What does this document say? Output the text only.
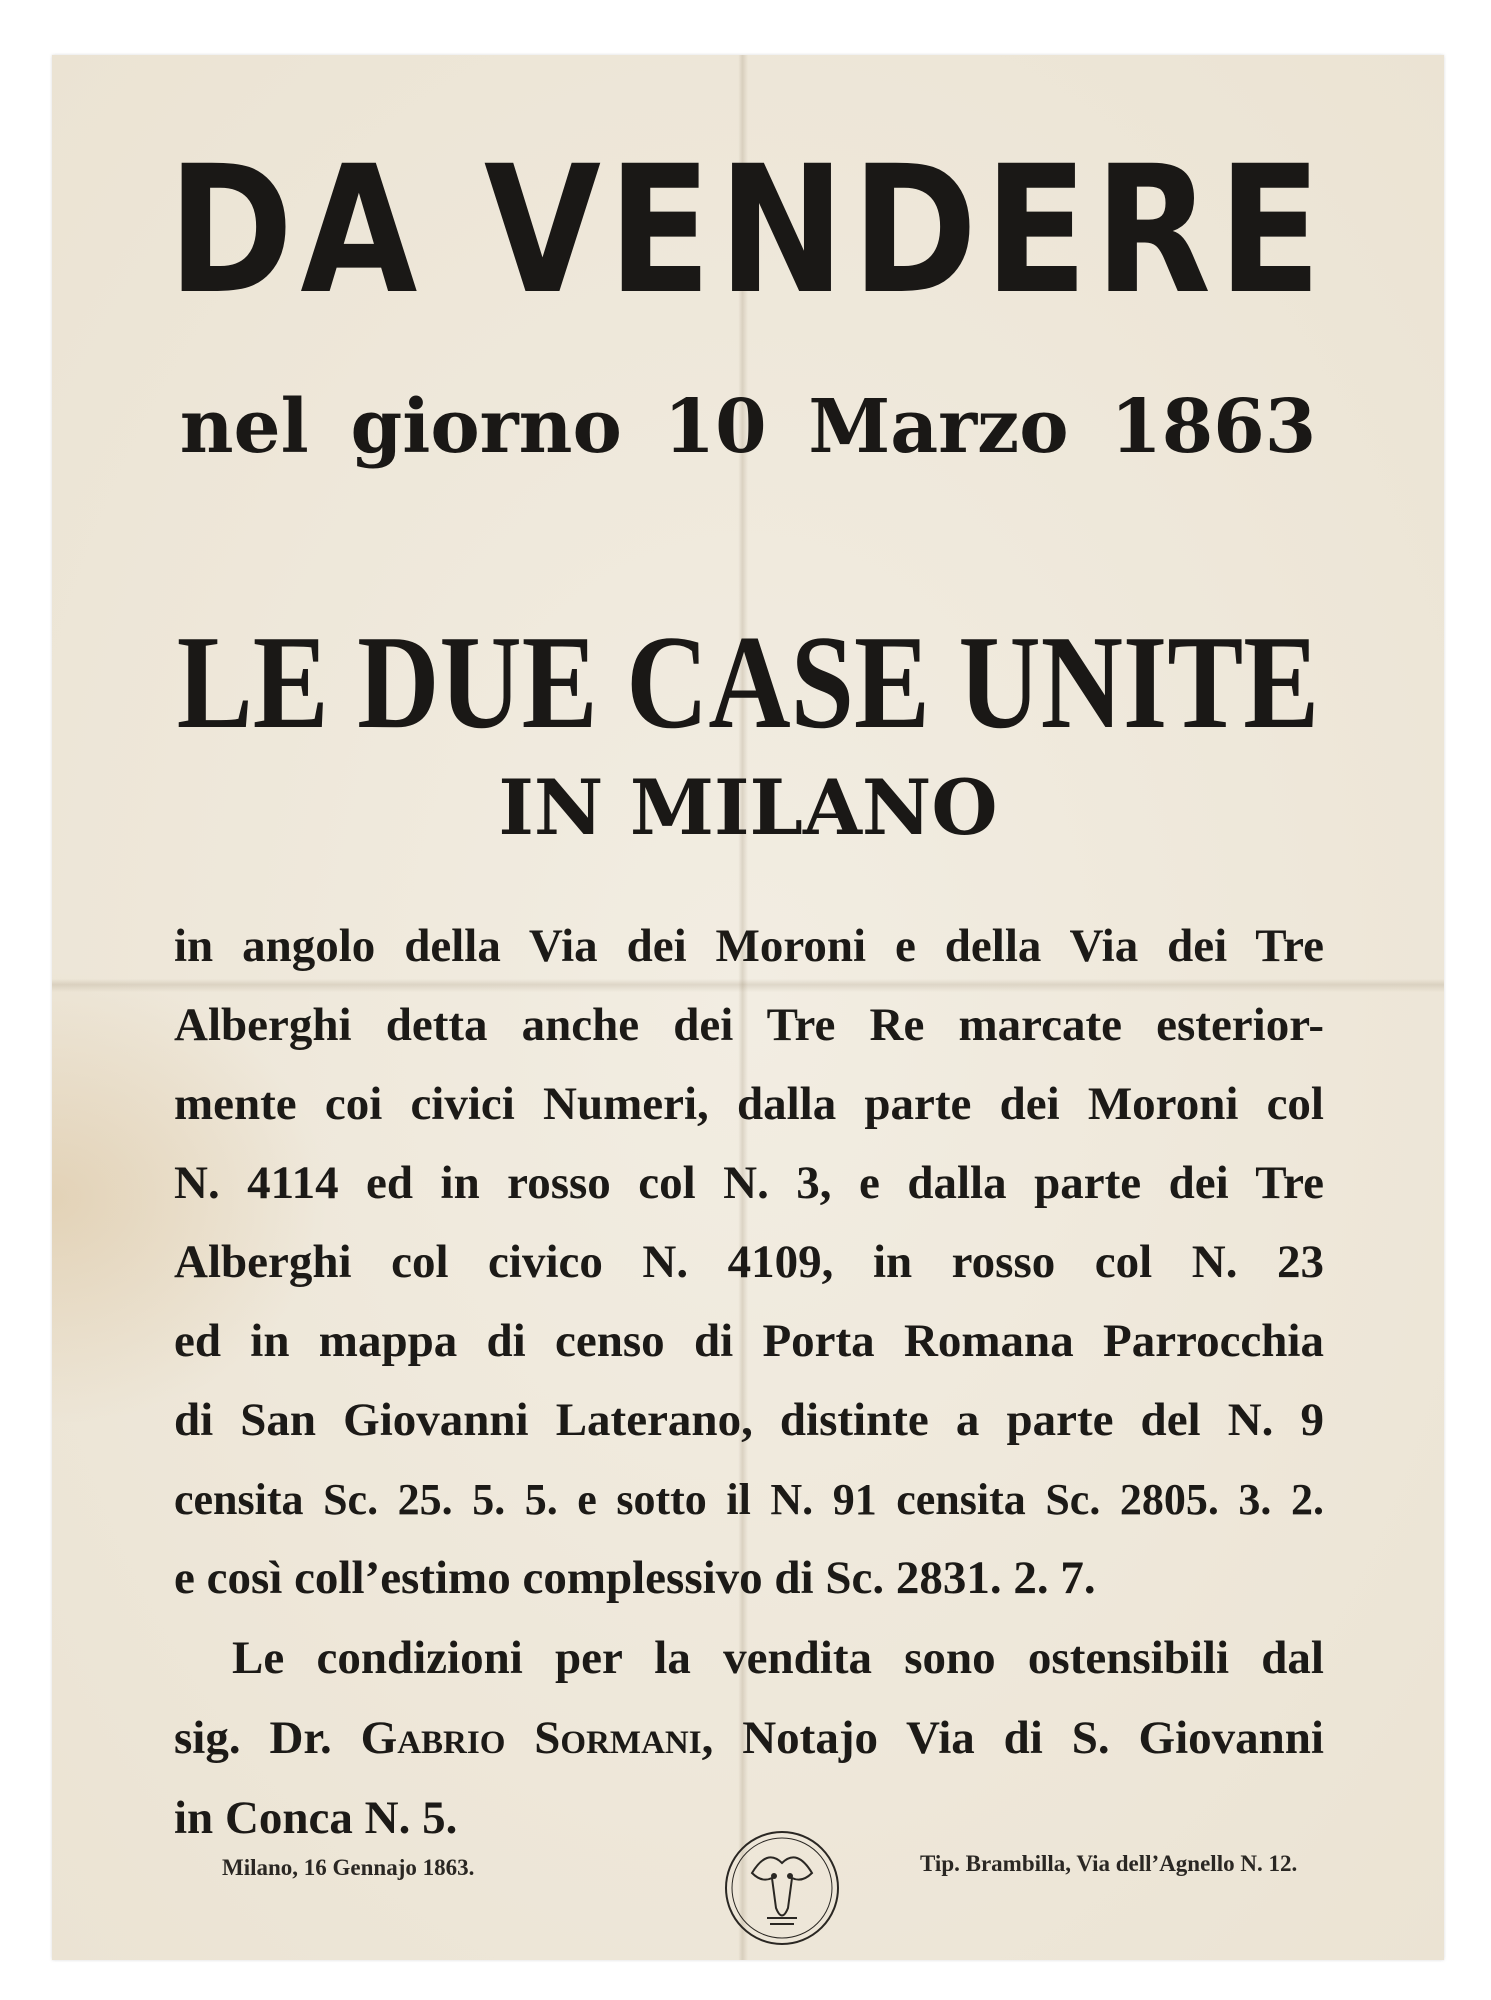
DA VENDERE
nel giorno 10 Marzo 1863
LE DUE CASE UNITE
IN MILANO
in angolo della Via dei Moroni e della Via dei Tre
Alberghi detta anche dei Tre Re marcate esterior-
mente coi civici Numeri, dalla parte dei Moroni col
N. 4114 ed in rosso col N. 3, e dalla parte dei Tre
Alberghi col civico N. 4109, in rosso col N. 23
ed in mappa di censo di Porta Romana Parrocchia
di San Giovanni Laterano, distinte a parte del N. 9
censita Sc. 25. 5. 5. e sotto il N. 91 censita Sc. 2805. 3. 2.
e così coll’estimo complessivo di Sc. 2831. 2. 7.
Le condizioni per la vendita sono ostensibili dal
sig. Dr. Gabrio Sormani, Notajo Via di S. Giovanni
in Conca N. 5.
Milano, 16 Gennajo 1863.	Tip. Brambilla, Via dell’Agnello N. 12.
